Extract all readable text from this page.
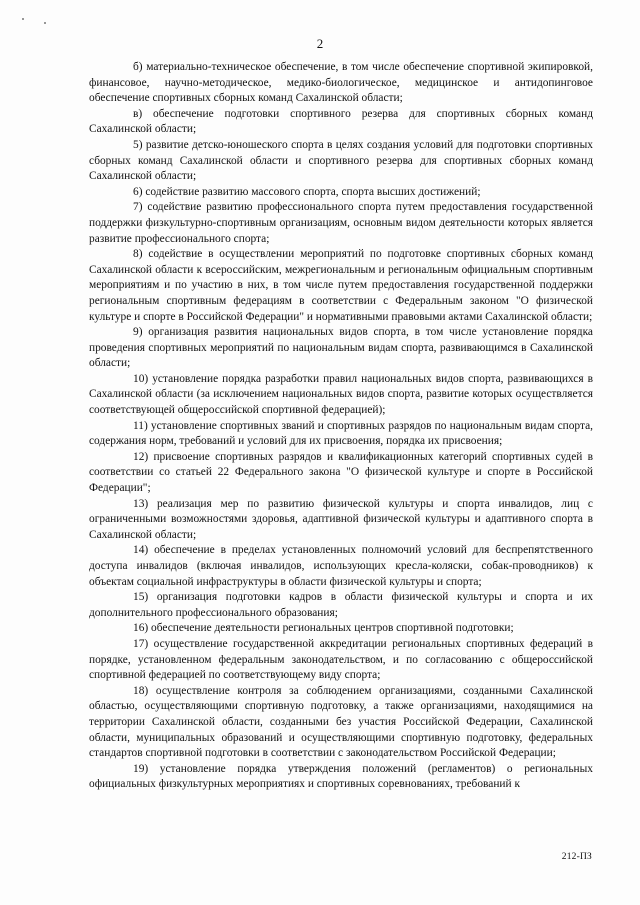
2

б) материально-техническое обеспечение, в том числе обеспечение спортивной экипировкой, финансовое, научно-методическое, медико-биологическое, медицинское и антидопинговое обеспечение спортивных сборных команд Сахалинской области;

в) обеспечение подготовки спортивного резерва для спортивных сборных команд Сахалинской области;

5) развитие детско-юношеского спорта в целях создания условий для подготовки спортивных сборных команд Сахалинской области и спортивного резерва для спортивных сборных команд Сахалинской области;

6) содействие развитию массового спорта, спорта высших достижений;

7) содействие развитию профессионального спорта путем предоставления государственной поддержки физкультурно-спортивным организациям, основным видом деятельности которых является развитие профессионального спорта;

8) содействие в осуществлении мероприятий по подготовке спортивных сборных команд Сахалинской области к всероссийским, межрегиональным и региональным официальным спортивным мероприятиям и по участию в них, в том числе путем предоставления государственной поддержки региональным спортивным федерациям в соответствии с Федеральным законом "О физической культуре и спорте в Российской Федерации" и нормативными правовыми актами Сахалинской области;

9) организация развития национальных видов спорта, в том числе установление порядка проведения спортивных мероприятий по национальным видам спорта, развивающимся в Сахалинской области;

10) установление порядка разработки правил национальных видов спорта, развивающихся в Сахалинской области (за исключением национальных видов спорта, развитие которых осуществляется соответствующей общероссийской спортивной федерацией);

11) установление спортивных званий и спортивных разрядов по национальным видам спорта, содержания норм, требований и условий для их присвоения, порядка их присвоения;

12) присвоение спортивных разрядов и квалификационных категорий спортивных судей в соответствии со статьей 22 Федерального закона "О физической культуре и спорте в Российской Федерации";

13) реализация мер по развитию физической культуры и спорта инвалидов, лиц с ограниченными возможностями здоровья, адаптивной физической культуры и адаптивного спорта в Сахалинской области;

14) обеспечение в пределах установленных полномочий условий для беспрепятственного доступа инвалидов (включая инвалидов, использующих кресла-коляски, собак-проводников) к объектам социальной инфраструктуры в области физической культуры и спорта;

15) организация подготовки кадров в области физической культуры и спорта и их дополнительного профессионального образования;

16) обеспечение деятельности региональных центров спортивной подготовки;

17) осуществление государственной аккредитации региональных спортивных федераций в порядке, установленном федеральным законодательством, и по согласованию с общероссийской спортивной федерацией по соответствующему виду спорта;

18) осуществление контроля за соблюдением организациями, созданными Сахалинской областью, осуществляющими спортивную подготовку, а также организациями, находящимися на территории Сахалинской области, созданными без участия Российской Федерации, Сахалинской области, муниципальных образований и осуществляющими спортивную подготовку, федеральных стандартов спортивной подготовки в соответствии с законодательством Российской Федерации;

19) установление порядка утверждения положений (регламентов) о региональных официальных физкультурных мероприятиях и спортивных соревнованиях, требований к

212-ПЗ
